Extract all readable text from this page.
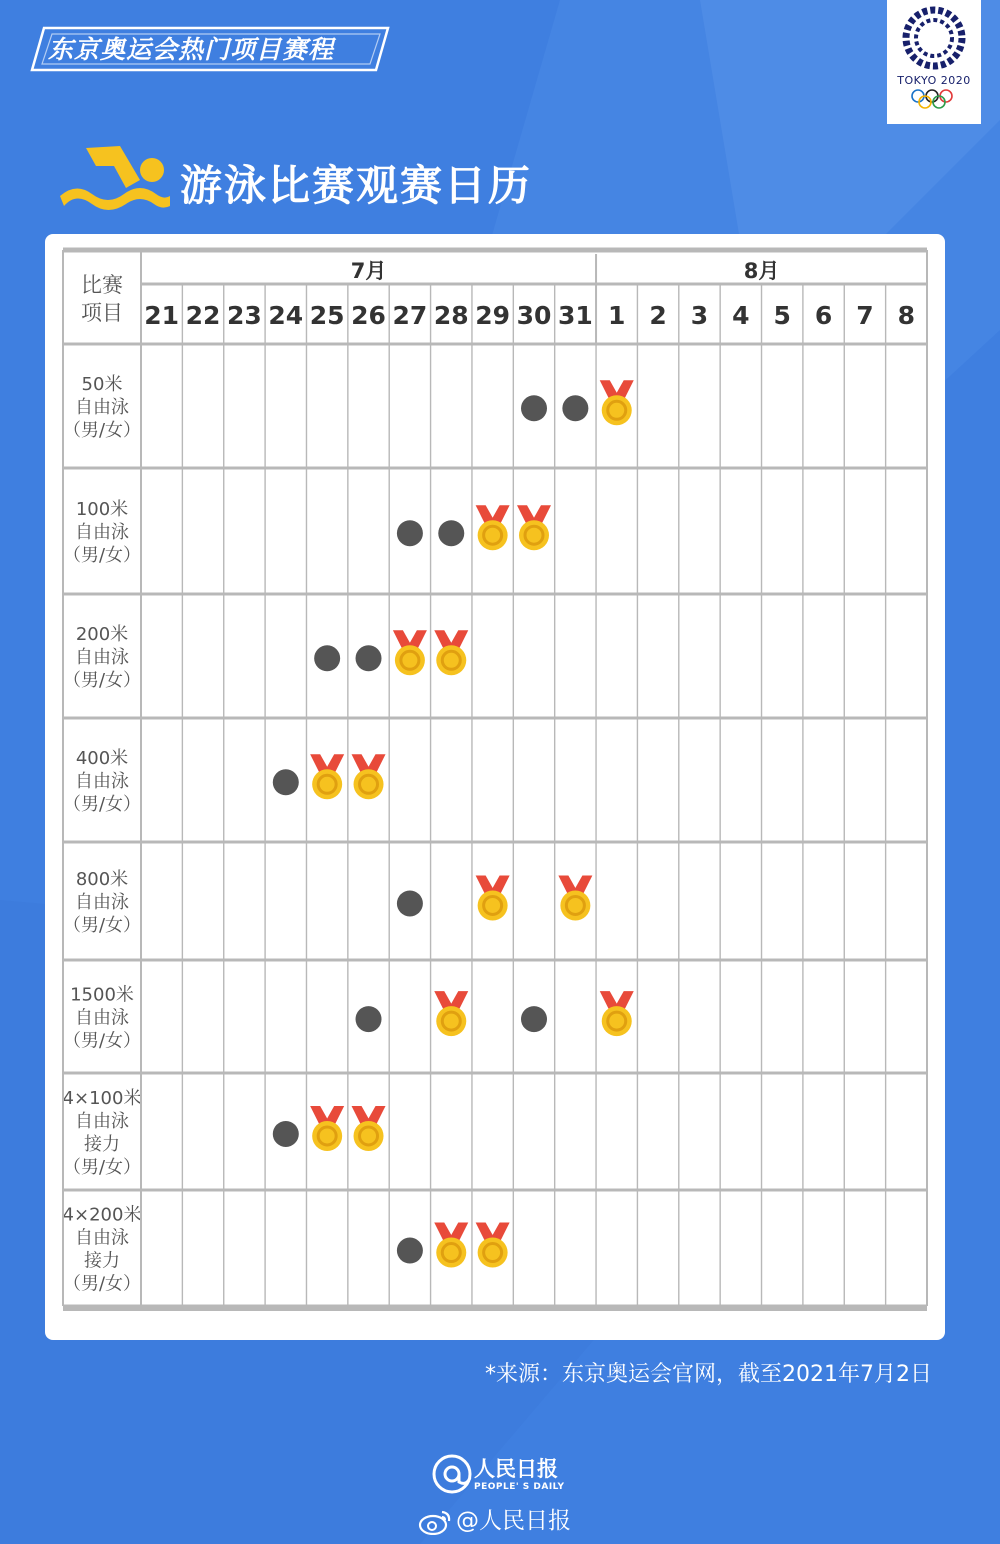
东京奥运会热门项目赛程
TOKYO 2020
游泳比赛观赛日历
比赛
项目
7月	8月
21 22 23 24 25 26 27 28 29 30 31 1 2 3 4 5 6 7 8
50米
自由泳
（男/女）
100米
自由泳
（男/女）
200米
自由泳
（男/女）
400米
自由泳
（男/女）
800米
自由泳
（男/女）
1500米
自由泳
（男/女）
4×100米
自由泳
接力
（男/女）
4×200米
自由泳
接力
（男/女）
*来源：东京奥运会官网，截至2021年7月2日
人民日报
PEOPLE' S DAILY
@人民日报
